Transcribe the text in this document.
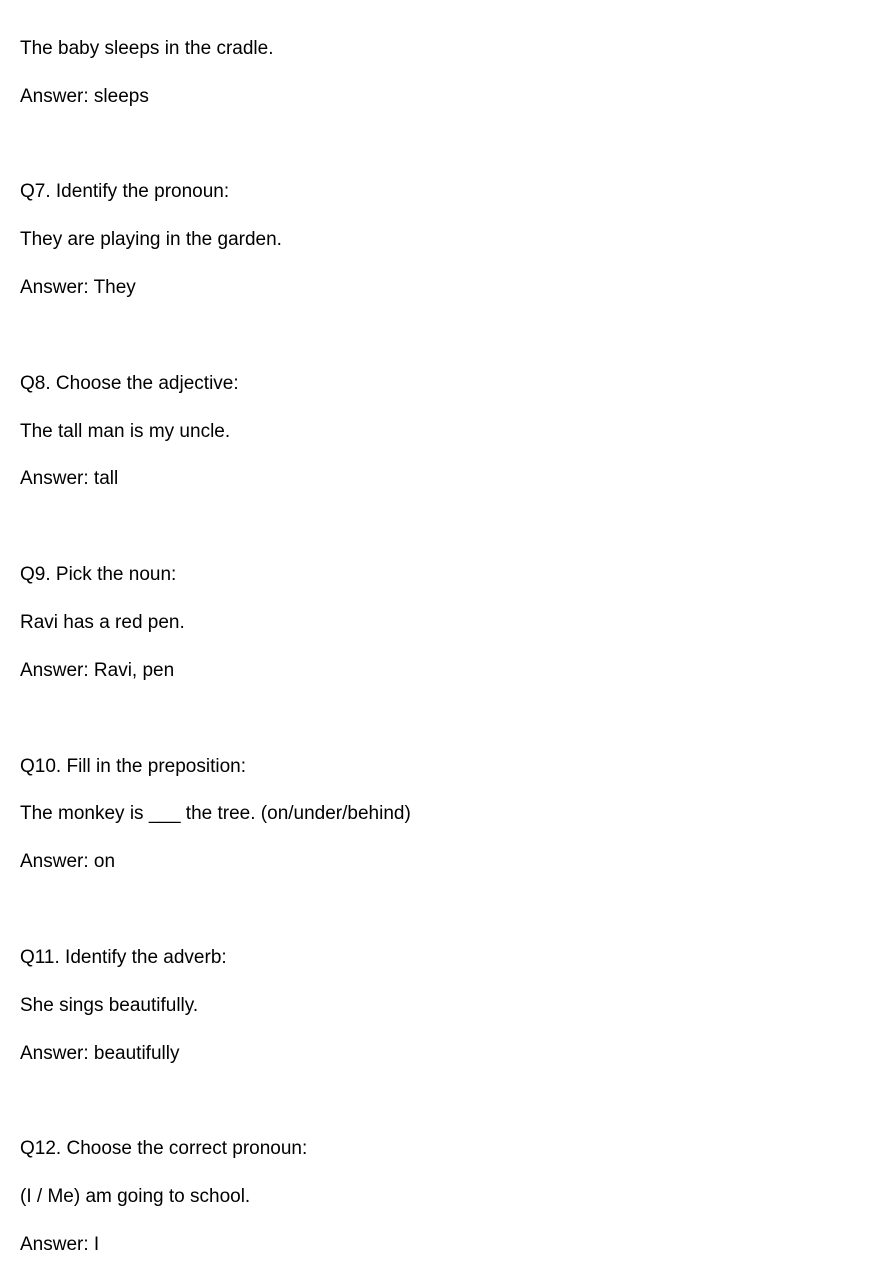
The baby sleeps in the cradle.

Answer: sleeps

Q7. Identify the pronoun:

They are playing in the garden.

Answer: They

Q8. Choose the adjective:

The tall man is my uncle.

Answer: tall

Q9. Pick the noun:

Ravi has a red pen.

Answer: Ravi, pen

Q10. Fill in the preposition:

The monkey is ___ the tree. (on/under/behind)

Answer: on

Q11. Identify the adverb:

She sings beautifully.

Answer: beautifully

Q12. Choose the correct pronoun:

(I / Me) am going to school.

Answer: I
